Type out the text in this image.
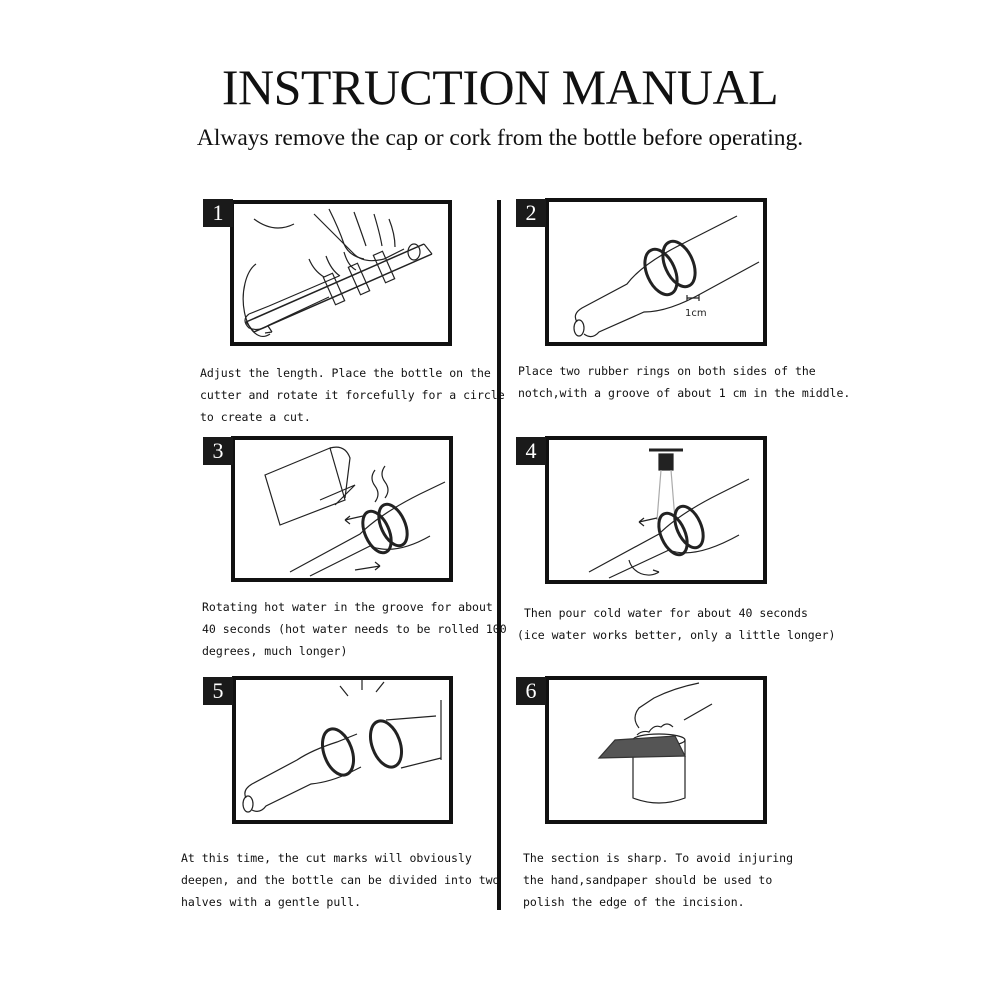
INSTRUCTION MANUAL
Always remove the cap or cork from the bottle before operating.
1

Adjust the length. Place the bottle on the
cutter and rotate it forcefully for a circle
to create a cut.

1cm
2

Place two rubber rings on both sides of the
notch,with a groove of about 1 cm in the middle.

3

Rotating hot water in the groove for about
40 seconds (hot water needs to be rolled 100
degrees, much longer)

4

Then pour cold water for about 40 seconds
(ice water works better, only a little longer)

5

At this time, the cut marks will obviously
deepen, and the bottle can be divided into two
halves with a gentle pull.

6

The section is sharp. To avoid injuring
the hand,sandpaper should be used to
polish the edge of the incision.
